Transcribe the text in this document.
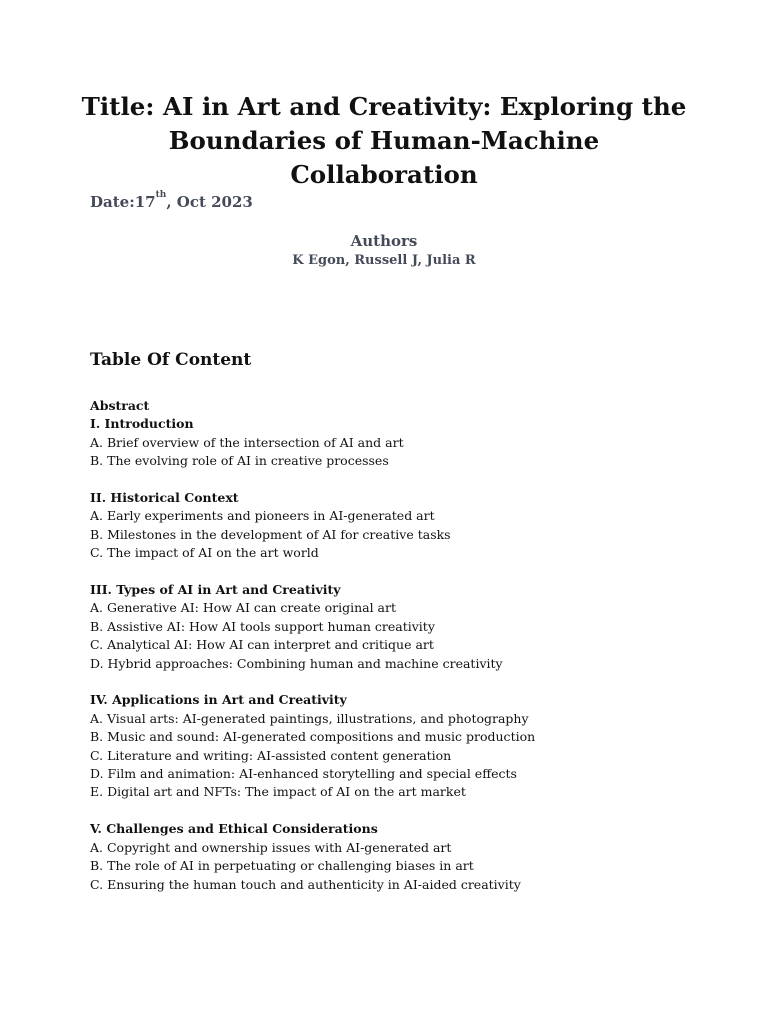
Title: AI in Art and Creativity: Exploring the
Boundaries of Human-Machine
Collaboration
Date:17th, Oct 2023
Authors
K Egon, Russell J, Julia R
Table Of Content
Abstract
I. Introduction
A. Brief overview of the intersection of AI and art
B. The evolving role of AI in creative processes
II. Historical Context
A. Early experiments and pioneers in AI-generated art
B. Milestones in the development of AI for creative tasks
C. The impact of AI on the art world
III. Types of AI in Art and Creativity
A. Generative AI: How AI can create original art
B. Assistive AI: How AI tools support human creativity
C. Analytical AI: How AI can interpret and critique art
D. Hybrid approaches: Combining human and machine creativity
IV. Applications in Art and Creativity
A. Visual arts: AI-generated paintings, illustrations, and photography
B. Music and sound: AI-generated compositions and music production
C. Literature and writing: AI-assisted content generation
D. Film and animation: AI-enhanced storytelling and special effects
E. Digital art and NFTs: The impact of AI on the art market
V. Challenges and Ethical Considerations
A. Copyright and ownership issues with AI-generated art
B. The role of AI in perpetuating or challenging biases in art
C. Ensuring the human touch and authenticity in AI-aided creativity
